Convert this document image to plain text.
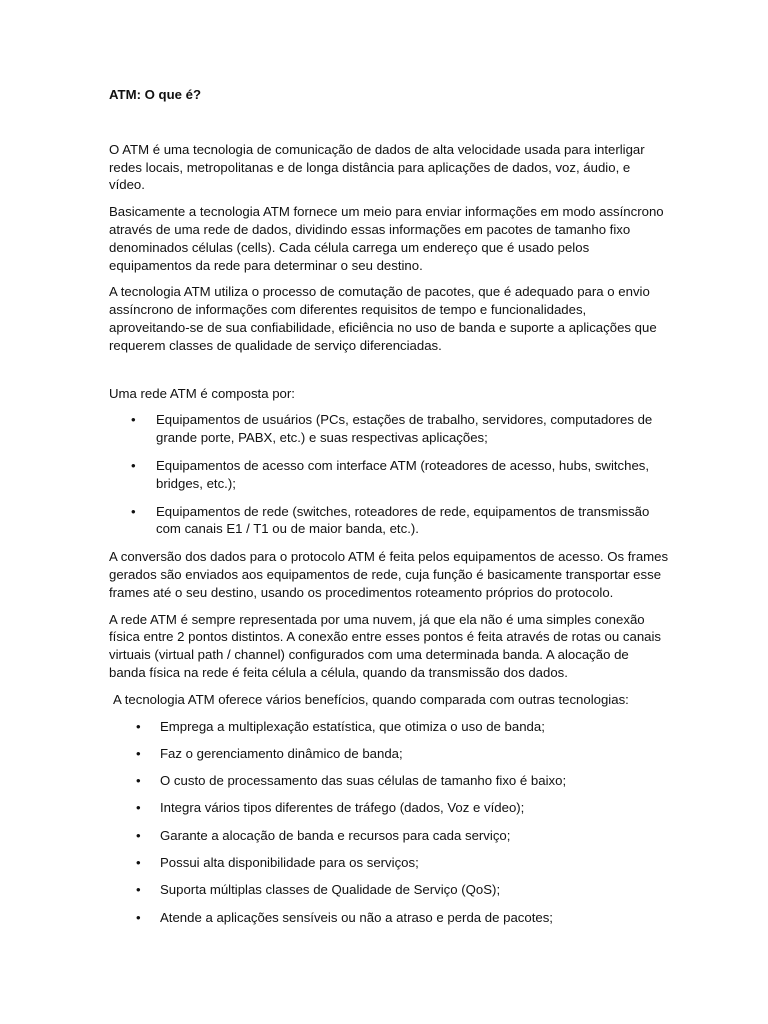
ATM: O que é?

O ATM é uma tecnologia de comunicação de dados de alta velocidade usada para interligar redes locais, metropolitanas e de longa distância para aplicações de dados, voz, áudio, e vídeo.

Basicamente a tecnologia ATM fornece um meio para enviar informações em modo assíncrono através de uma rede de dados, dividindo essas informações em pacotes de tamanho fixo denominados células (cells). Cada célula carrega um endereço que é usado pelos equipamentos da rede para determinar o seu destino.

A tecnologia ATM utiliza o processo de comutação de pacotes, que é adequado para o envio assíncrono de informações com diferentes requisitos de tempo e funcionalidades, aproveitando-se de sua confiabilidade, eficiência no uso de banda e suporte a aplicações que requerem classes de qualidade de serviço diferenciadas.

Uma rede ATM é composta por:

• Equipamentos de usuários (PCs, estações de trabalho, servidores, computadores de grande porte, PABX, etc.) e suas respectivas aplicações;
• Equipamentos de acesso com interface ATM (roteadores de acesso, hubs, switches, bridges, etc.);
• Equipamentos de rede (switches, roteadores de rede, equipamentos de transmissão com canais E1 / T1 ou de maior banda, etc.).

A conversão dos dados para o protocolo ATM é feita pelos equipamentos de acesso. Os frames gerados são enviados aos equipamentos de rede, cuja função é basicamente transportar esse frames até o seu destino, usando os procedimentos roteamento próprios do protocolo.

A rede ATM é sempre representada por uma nuvem, já que ela não é uma simples conexão física entre 2 pontos distintos. A conexão entre esses pontos é feita através de rotas ou canais virtuais (virtual path / channel) configurados com uma determinada banda. A alocação de banda física na rede é feita célula a célula, quando da transmissão dos dados.

A tecnologia ATM oferece vários benefícios, quando comparada com outras tecnologias:

• Emprega a multiplexação estatística, que otimiza o uso de banda;
• Faz o gerenciamento dinâmico de banda;
• O custo de processamento das suas células de tamanho fixo é baixo;
• Integra vários tipos diferentes de tráfego (dados, Voz e vídeo);
• Garante a alocação de banda e recursos para cada serviço;
• Possui alta disponibilidade para os serviços;
• Suporta múltiplas classes de Qualidade de Serviço (QoS);
• Atende a aplicações sensíveis ou não a atraso e perda de pacotes;
